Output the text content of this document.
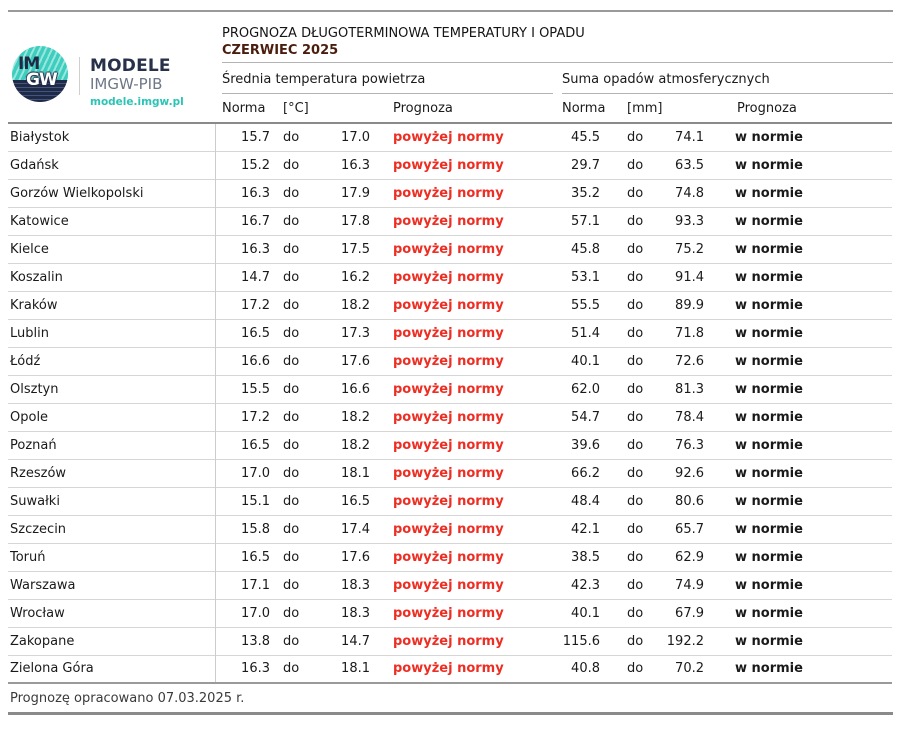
IM
GW
MODELE
IMGW-PIB
modele.imgw.pl
PROGNOZA DŁUGOTERMINOWA TEMPERATURY I OPADU
CZERWIEC 2025
Średnia temperatura powietrza	Suma opadów atmosferycznych
Norma [°C]	Prognoza	Norma [mm]	Prognoza
Białystok	15.7	do	17.0	powyżej normy	45.5	do	74.1	w normie
Gdańsk	15.2	do	16.3	powyżej normy	29.7	do	63.5	w normie
Gorzów Wielkopolski	16.3	do	17.9	powyżej normy	35.2	do	74.8	w normie
Katowice	16.7	do	17.8	powyżej normy	57.1	do	93.3	w normie
Kielce	16.3	do	17.5	powyżej normy	45.8	do	75.2	w normie
Koszalin	14.7	do	16.2	powyżej normy	53.1	do	91.4	w normie
Kraków	17.2	do	18.2	powyżej normy	55.5	do	89.9	w normie
Lublin	16.5	do	17.3	powyżej normy	51.4	do	71.8	w normie
Łódź	16.6	do	17.6	powyżej normy	40.1	do	72.6	w normie
Olsztyn	15.5	do	16.6	powyżej normy	62.0	do	81.3	w normie
Opole	17.2	do	18.2	powyżej normy	54.7	do	78.4	w normie
Poznań	16.5	do	18.2	powyżej normy	39.6	do	76.3	w normie
Rzeszów	17.0	do	18.1	powyżej normy	66.2	do	92.6	w normie
Suwałki	15.1	do	16.5	powyżej normy	48.4	do	80.6	w normie
Szczecin	15.8	do	17.4	powyżej normy	42.1	do	65.7	w normie
Toruń	16.5	do	17.6	powyżej normy	38.5	do	62.9	w normie
Warszawa	17.1	do	18.3	powyżej normy	42.3	do	74.9	w normie
Wrocław	17.0	do	18.3	powyżej normy	40.1	do	67.9	w normie
Zakopane	13.8	do	14.7	powyżej normy	115.6	do	192.2	w normie
Zielona Góra	16.3	do	18.1	powyżej normy	40.8	do	70.2	w normie
Prognozę opracowano 07.03.2025 r.
